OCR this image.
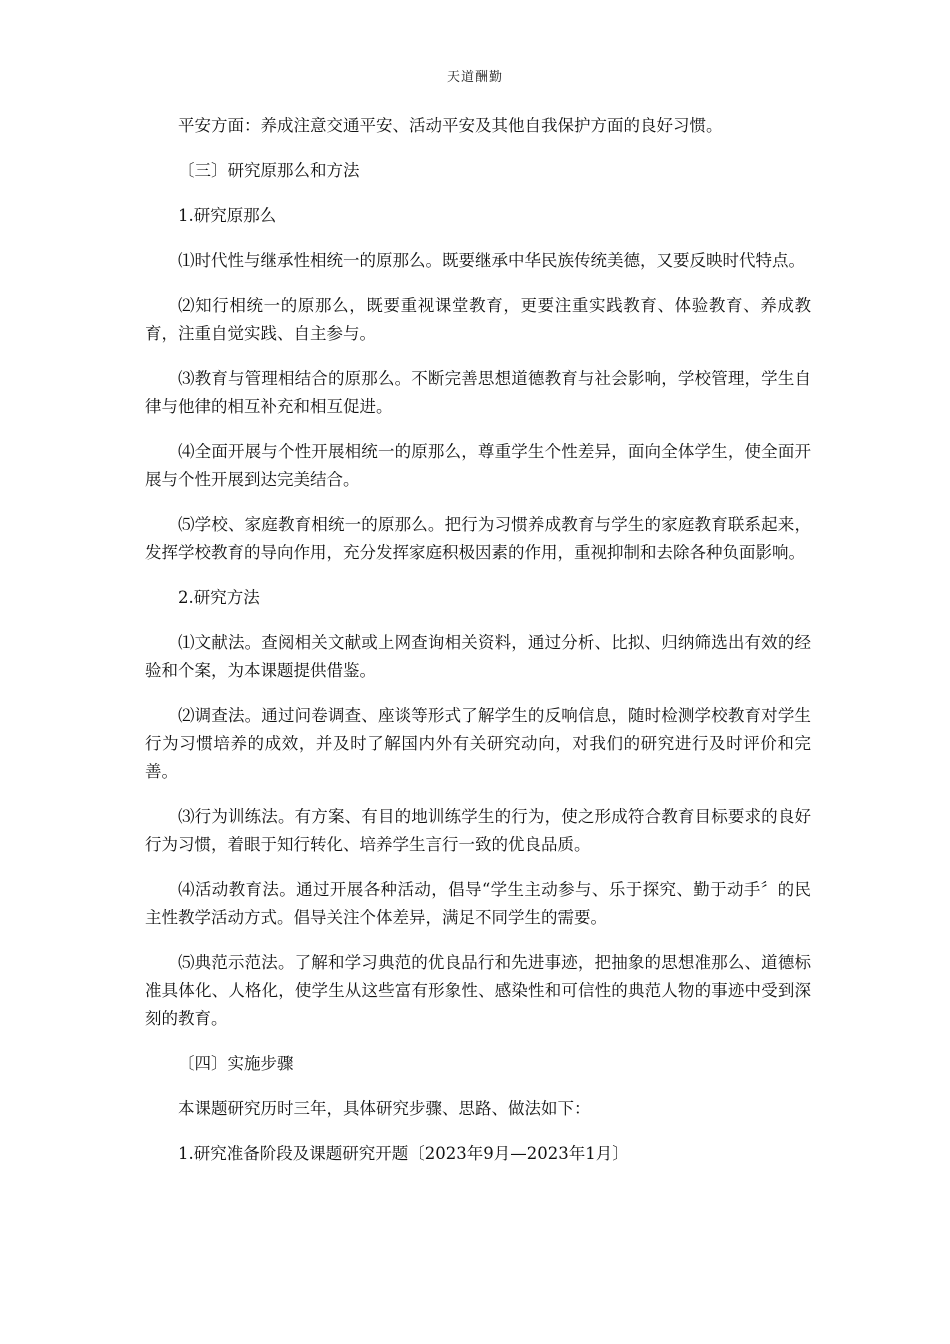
天道酬勤

平安方面：养成注意交通平安、活动平安及其他自我保护方面的良好习惯。

〔三〕研究原那么和方法

1.研究原那么

⑴时代性与继承性相统一的原那么。既要继承中华民族传统美德，又要反映时代特点。

⑵知行相统一的原那么，既要重视课堂教育，更要注重实践教育、体验教育、养成教育，注重自觉实践、自主参与。

⑶教育与管理相结合的原那么。不断完善思想道德教育与社会影响，学校管理，学生自律与他律的相互补充和相互促进。

⑷全面开展与个性开展相统一的原那么，尊重学生个性差异，面向全体学生，使全面开展与个性开展到达完美结合。

⑸学校、家庭教育相统一的原那么。把行为习惯养成教育与学生的家庭教育联系起来，发挥学校教育的导向作用，充分发挥家庭积极因素的作用，重视抑制和去除各种负面影响。

2.研究方法

⑴文献法。查阅相关文献或上网查询相关资料，通过分析、比拟、归纳筛选出有效的经验和个案，为本课题提供借鉴。

⑵调查法。通过问卷调查、座谈等形式了解学生的反响信息，随时检测学校教育对学生行为习惯培养的成效，并及时了解国内外有关研究动向，对我们的研究进行及时评价和完善。

⑶行为训练法。有方案、有目的地训练学生的行为，使之形成符合教育目标要求的良好行为习惯，着眼于知行转化、培养学生言行一致的优良品质。

⑷活动教育法。通过开展各种活动，倡导“学生主动参与、乐于探究、勤于动手〞的民主性教学活动方式。倡导关注个体差异，满足不同学生的需要。

⑸典范示范法。了解和学习典范的优良品行和先进事迹，把抽象的思想准那么、道德标准具体化、人格化，使学生从这些富有形象性、感染性和可信性的典范人物的事迹中受到深刻的教育。

〔四〕实施步骤

本课题研究历时三年，具体研究步骤、思路、做法如下：

1.研究准备阶段及课题研究开题〔2023年9月—2023年1月〕
